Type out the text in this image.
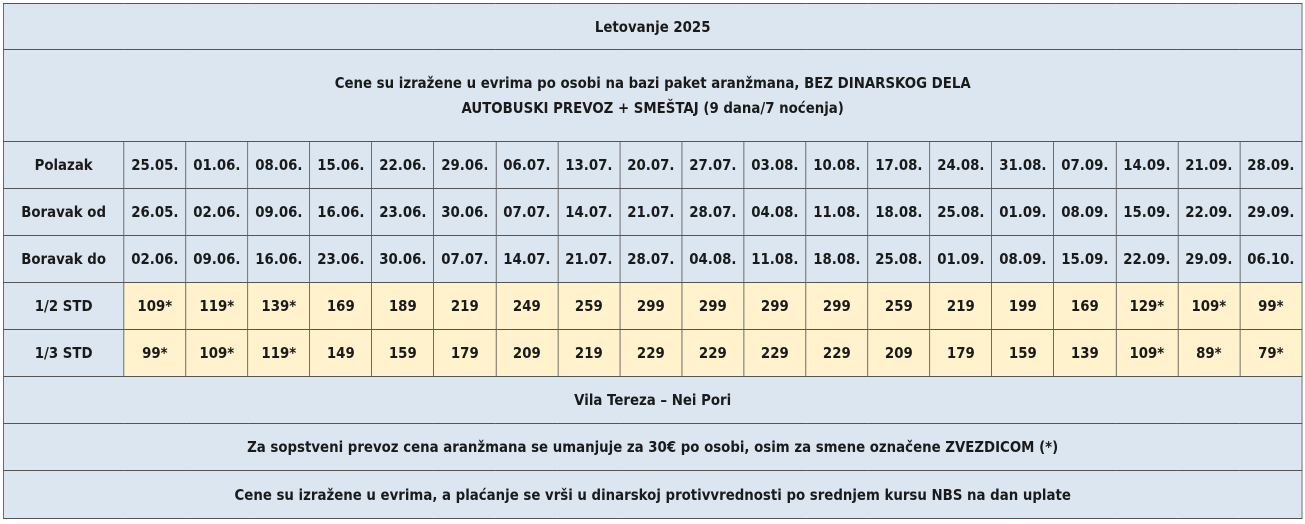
Letovanje 2025																			

Cene su izražene u evrima po osobi na bazi paket aranžmana, BEZ DINARSKOG DELA
AUTOBUSKI PREVOZ + SMEŠTAJ (9 dana/7 noćenja)																			

Polazak	25.05.	01.06.	08.06.	15.06.	22.06.	29.06.	06.07.	13.07.	20.07.	27.07.	03.08.	10.08.	17.08.	24.08.	31.08.	07.09.	14.09.	21.09.	28.09.
Boravak od	26.05.	02.06.	09.06.	16.06.	23.06.	30.06.	07.07.	14.07.	21.07.	28.07.	04.08.	11.08.	18.08.	25.08.	01.09.	08.09.	15.09.	22.09.	29.09.
Boravak do	02.06.	09.06.	16.06.	23.06.	30.06.	07.07.	14.07.	21.07.	28.07.	04.08.	11.08.	18.08.	25.08.	01.09.	08.09.	15.09.	22.09.	29.09.	06.10.
1/2 STD	109*	119*	139*	169	189	219	249	259	299	299	299	299	259	219	199	169	129*	109*	99*
1/3 STD	99*	109*	119*	149	159	179	209	219	229	229	229	229	209	179	159	139	109*	89*	79*
Vila Tereza – Nei Pori																			
Za sopstveni prevoz cena aranžmana se umanjuje za 30€ po osobi, osim za smene označene ZVEZDICOM (*)																			
Cene su izražene u evrima, a plaćanje se vrši u dinarskoj protivvrednosti po srednjem kursu NBS na dan uplate																			
